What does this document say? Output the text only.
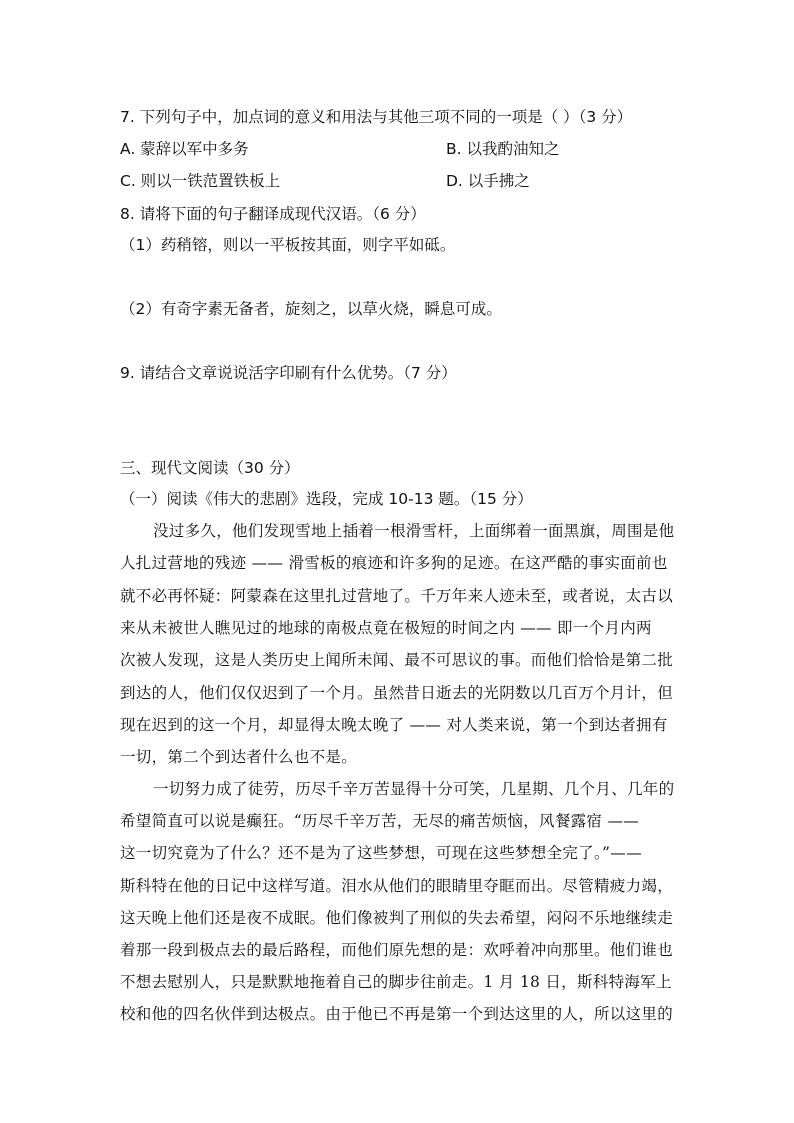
7. 下列句子中，加点词的意义和用法与其他三项不同的一项是（ ）（3 分）
A. 蒙辞以军中多务	B. 以我酌油知之
C. 则以一铁范置铁板上	D. 以手拂之
8. 请将下面的句子翻译成现代汉语。（6 分）
（1）药稍镕，则以一平板按其面，则字平如砥。
（2）有奇字素无备者，旋刻之，以草火烧，瞬息可成。
9. 请结合文章说说活字印刷有什么优势。（7 分）
三、现代文阅读（30 分）
（一）阅读《伟大的悲剧》选段，完成 10-13 题。（15 分）
没过多久，他们发现雪地上插着一根滑雪杆，上面绑着一面黑旗，周围是他
人扎过营地的残迹 —— 滑雪板的痕迹和许多狗的足迹。在这严酷的事实面前也
就不必再怀疑：阿蒙森在这里扎过营地了。千万年来人迹未至，或者说，太古以
来从未被世人瞧见过的地球的南极点竟在极短的时间之内 —— 即一个月内两
次被人发现，这是人类历史上闻所未闻、最不可思议的事。而他们恰恰是第二批
到达的人，他们仅仅迟到了一个月。虽然昔日逝去的光阴数以几百万个月计，但
现在迟到的这一个月，却显得太晚太晚了 —— 对人类来说，第一个到达者拥有
一切，第二个到达者什么也不是。
一切努力成了徒劳，历尽千辛万苦显得十分可笑，几星期、几个月、几年的
希望简直可以说是癫狂。“历尽千辛万苦，无尽的痛苦烦恼，风餐露宿 ——
这一切究竟为了什么？还不是为了这些梦想，可现在这些梦想全完了。”——
斯科特在他的日记中这样写道。泪水从他们的眼睛里夺眶而出。尽管精疲力竭，
这天晚上他们还是夜不成眠。他们像被判了刑似的失去希望，闷闷不乐地继续走
着那一段到极点去的最后路程，而他们原先想的是：欢呼着冲向那里。他们谁也
不想去慰别人，只是默默地拖着自己的脚步往前走。1 月 18 日，斯科特海军上
校和他的四名伙伴到达极点。由于他已不再是第一个到达这里的人，所以这里的
